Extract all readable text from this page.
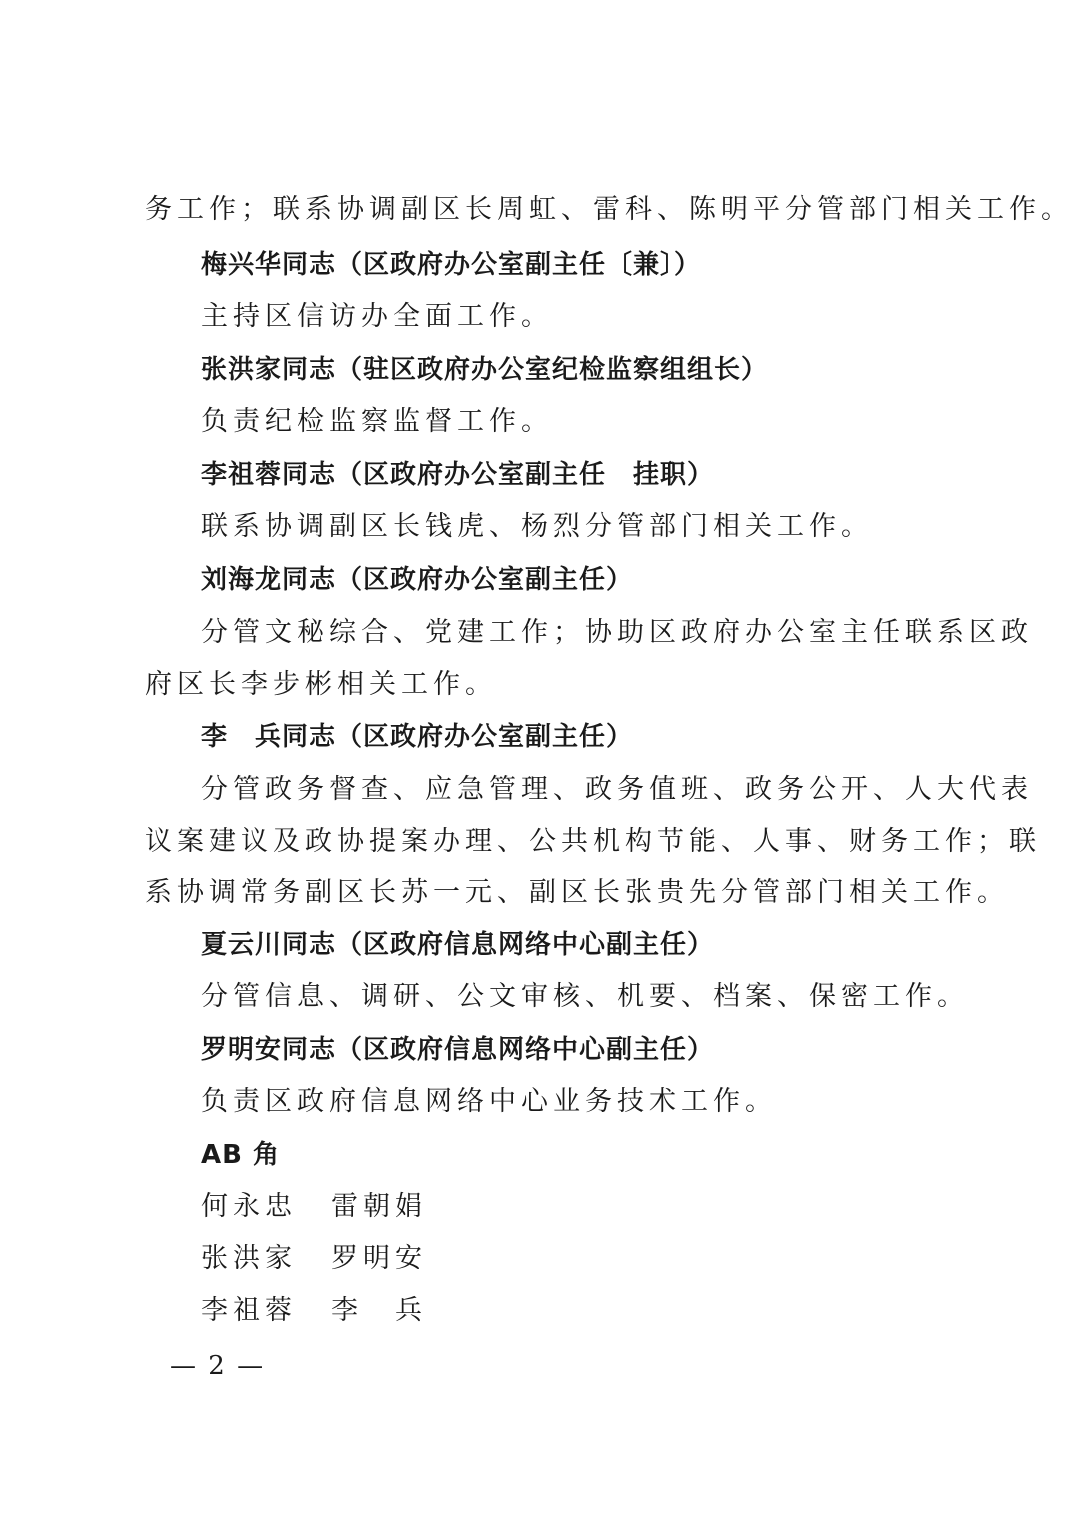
务工作；联系协调副区长周虹、雷科、陈明平分管部门相关工作。
梅兴华同志（区政府办公室副主任〔兼〕）
主持区信访办全面工作。
张洪家同志（驻区政府办公室纪检监察组组长）
负责纪检监察监督工作。
李祖蓉同志（区政府办公室副主任　挂职）
联系协调副区长钱虎、杨烈分管部门相关工作。
刘海龙同志（区政府办公室副主任）
分管文秘综合、党建工作；协助区政府办公室主任联系区政
府区长李步彬相关工作。
李　兵同志（区政府办公室副主任）
分管政务督查、应急管理、政务值班、政务公开、人大代表
议案建议及政协提案办理、公共机构节能、人事、财务工作；联
系协调常务副区长苏一元、副区长张贵先分管部门相关工作。
夏云川同志（区政府信息网络中心副主任）
分管信息、调研、公文审核、机要、档案、保密工作。
罗明安同志（区政府信息网络中心副主任）
负责区政府信息网络中心业务技术工作。
AB 角
何永忠 雷朝娟
张洪家 罗明安
李祖蓉 李　兵
— 2 —
